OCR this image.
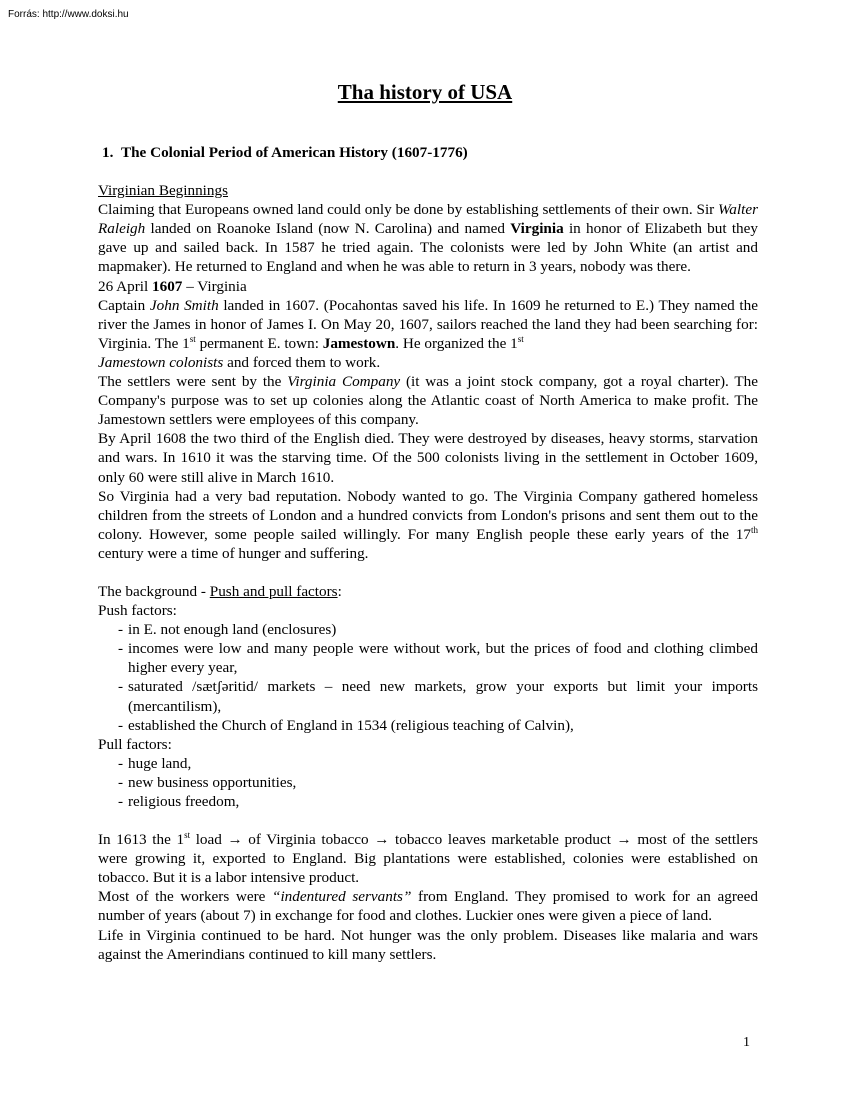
Forrás: http://www.doksi.hu
Tha history of USA
1.  The Colonial Period of American History (1607-1776)
Virginian Beginnings

Claiming that Europeans owned land could only be done by establishing settlements of their own. Sir Walter Raleigh landed on Roanoke Island (now N. Carolina) and named Virginia in honor of Elizabeth but they gave up and sailed back. In 1587 he tried again. The colonists were led by John White (an artist and mapmaker). He returned to England and when he was able to return in 3 years, nobody was there.

26 April 1607 – Virginia

Captain John Smith landed in 1607. (Pocahontas saved his life. In 1609 he returned to E.) They named the river the James in honor of James I. On May 20, 1607, sailors reached the land they had been searching for: Virginia. The 1st permanent E. town: Jamestown. He organized the 1st
Jamestown colonists and forced them to work.

The settlers were sent by the Virginia Company (it was a joint stock company, got a royal charter). The Company's purpose was to set up colonies along the Atlantic coast of North America to make profit. The Jamestown settlers were employees of this company.

By April 1608 the two third of the English died. They were destroyed by diseases, heavy storms, starvation and wars. In 1610 it was the starving time. Of the 500 colonists living in the settlement in October 1609, only 60 were still alive in March 1610.

So Virginia had a very bad reputation. Nobody wanted to go. The Virginia Company gathered homeless children from the streets of London and a hundred convicts from London's prisons and sent them out to the colony. However, some people sailed willingly. For many English people these early years of the 17th century were a time of hunger and suffering.

The background - Push and pull factors:

Push factors:

- in E. not enough land (enclosures)
- incomes were low and many people were without work, but the prices of food and clothing climbed higher every year,
- saturated /sætʃəritid/ markets – need new markets, grow your exports but limit your imports (mercantilism),
- established the Church of England in 1534 (religious teaching of Calvin),

Pull factors:

- huge land,
- new business opportunities,
- religious freedom,

In 1613 the 1st load → of Virginia tobacco → tobacco leaves marketable product → most of the settlers were growing it, exported to England. Big plantations were established, colonies were established on tobacco. But it is a labor intensive product.

Most of the workers were “indentured servants” from England. They promised to work for an agreed number of years (about 7) in exchange for food and clothes. Luckier ones were given a piece of land.

Life in Virginia continued to be hard. Not hunger was the only problem. Diseases like malaria and wars against the Amerindians continued to kill many settlers.

1
